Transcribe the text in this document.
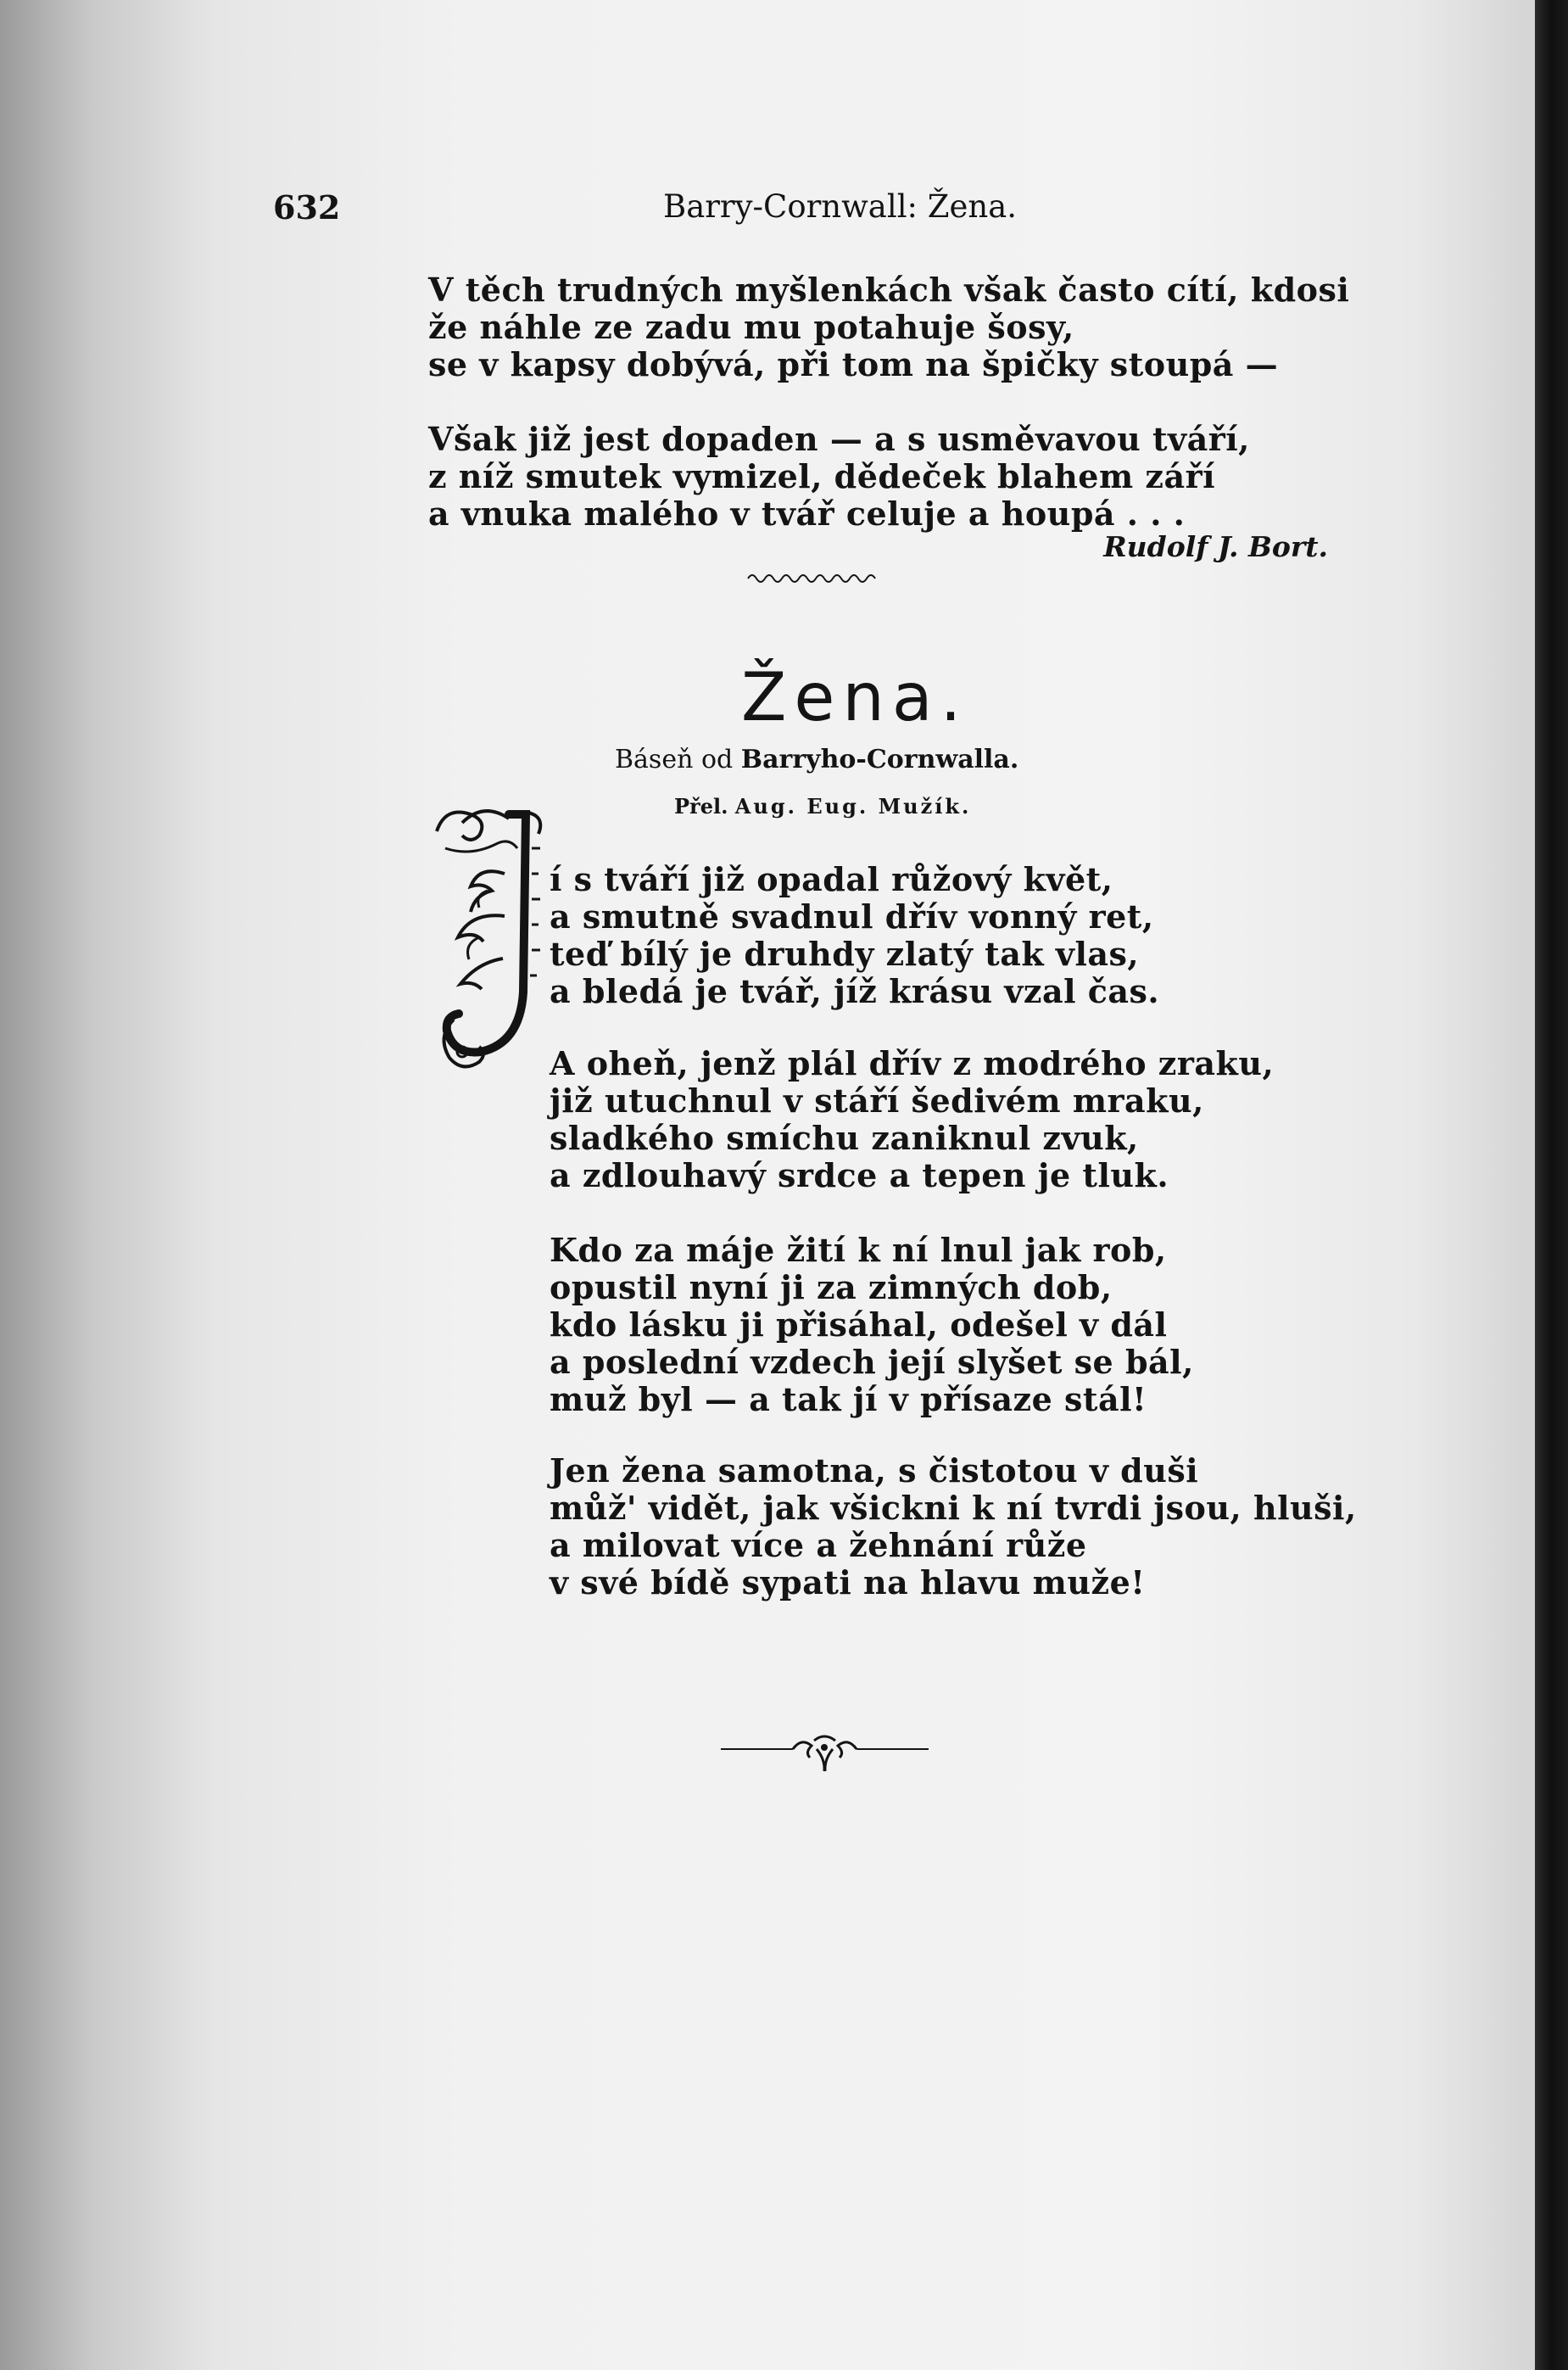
632	Barry-Cornwall: Žena.
V těch trudných myšlenkách však často cítí, kdosi
že náhle ze zadu mu potahuje šosy,
se v kapsy dobývá, při tom na špičky stoupá —
Však již jest dopaden — a s usměvavou tváří,
z níž smutek vymizel, dědeček blahem září
a vnuka malého v tvář celuje a houpá . . .
Rudolf J. Bort.
Žena.
Báseň od Barryho-Cornwalla.
Přel. Aug. Eug. Mužík.
í s tváří již opadal růžový květ,
a smutně svadnul dřív vonný ret,
teď bílý je druhdy zlatý tak vlas,
a bledá je tvář, jíž krásu vzal čas.
A oheň, jenž plál dřív z modrého zraku,
již utuchnul v stáří šedivém mraku,
sladkého smíchu zaniknul zvuk,
a zdlouhavý srdce a tepen je tluk.
Kdo za máje žití k ní lnul jak rob,
opustil nyní ji za zimných dob,
kdo lásku ji přisáhal, odešel v dál
a poslední vzdech její slyšet se bál,
muž byl — a tak jí v přísaze stál!
Jen žena samotna, s čistotou v duši
můž' vidět, jak všickni k ní tvrdi jsou, hluši,
a milovat více a žehnání růže
v své bídě sypati na hlavu muže!
